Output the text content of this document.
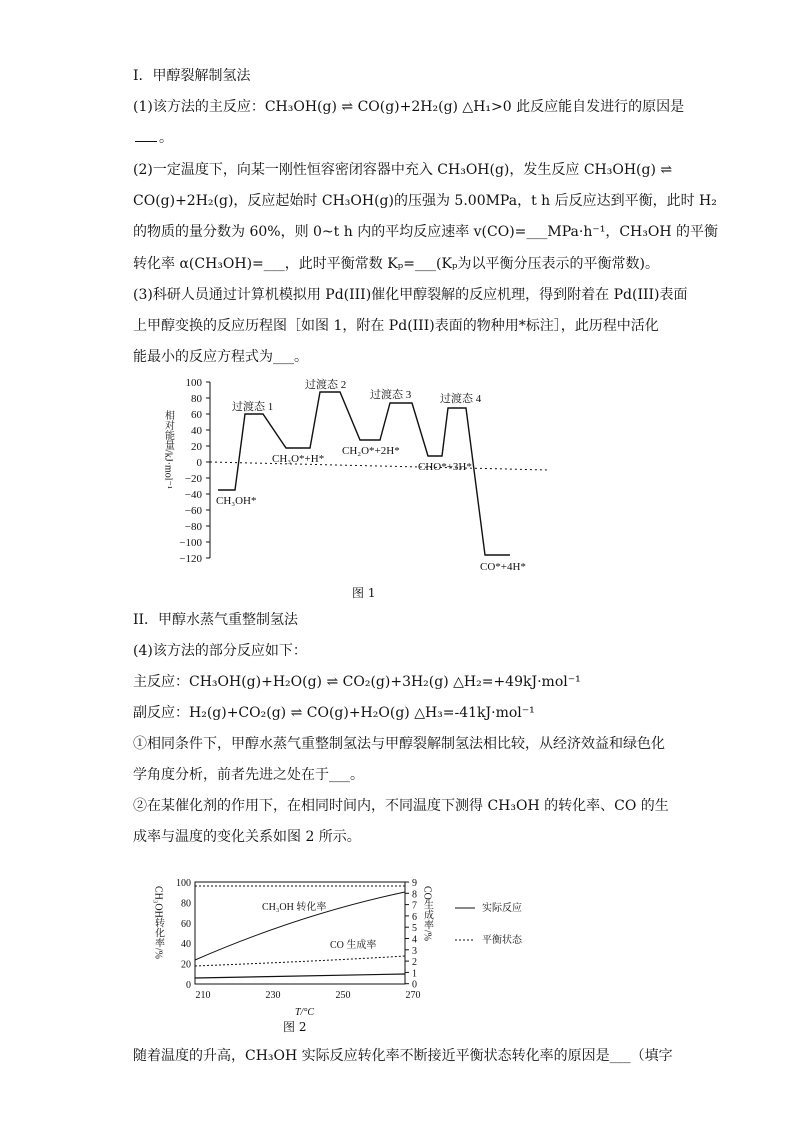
I．甲醇裂解制氢法
(1)该方法的主反应：CH₃OH(g) ⇌ CO(g)+2H₂(g) △H₁>0 此反应能自发进行的原因是
。
(2)一定温度下，向某一刚性恒容密闭容器中充入 CH₃OH(g)，发生反应 CH₃OH(g) ⇌
CO(g)+2H₂(g)，反应起始时 CH₃OH(g)的压强为 5.00MPa，t h 后反应达到平衡，此时 H₂
的物质的量分数为 60%，则 0~t h 内的平均反应速率 v(CO)=___MPa·h⁻¹，CH₃OH 的平衡
转化率 α(CH₃OH)=___，此时平衡常数 Kₚ=___(Kₚ为以平衡分压表示的平衡常数)。
(3)科研人员通过计算机模拟用 Pd(III)催化甲醇裂解的反应机理，得到附着在 Pd(III)表面
上甲醇变换的反应历程图［如图 1，附在 Pd(III)表面的物种用*标注］，此历程中活化
能最小的反应方程式为___。
100
80
60
40
20
0
−20
−40
−60
−80
−100
−120
相对能量/kJ·mol⁻¹
过渡态 1
过渡态 2
过渡态 3	过渡态 4
CH₃OH*
CH₃O*+H*
CH₂O*+2H*
CHO*+3H*
CO*+4H*
图 1
II．甲醇水蒸气重整制氢法
(4)该方法的部分反应如下：
主反应：CH₃OH(g)+H₂O(g) ⇌ CO₂(g)+3H₂(g) △H₂=+49kJ·mol⁻¹
副反应：H₂(g)+CO₂(g) ⇌ CO(g)+H₂O(g) △H₃=-41kJ·mol⁻¹
①相同条件下，甲醇水蒸气重整制氢法与甲醇裂解制氢法相比较，从经济效益和绿色化
学角度分析，前者先进之处在于___。
②在某催化剂的作用下，在相同时间内，不同温度下测得 CH₃OH 的转化率、CO 的生
成率与温度的变化关系如图 2 所示。
CH₃OH转化率/%	CO生成率/%
100
80
60
40
20
0
9
8
7
6
5
4
3
2
1
0
210	230	250	270
T/°C
CH₃OH 转化率
CO 生成率
实际反应
平衡状态
图 2
随着温度的升高，CH₃OH 实际反应转化率不断接近平衡状态转化率的原因是___（填字
